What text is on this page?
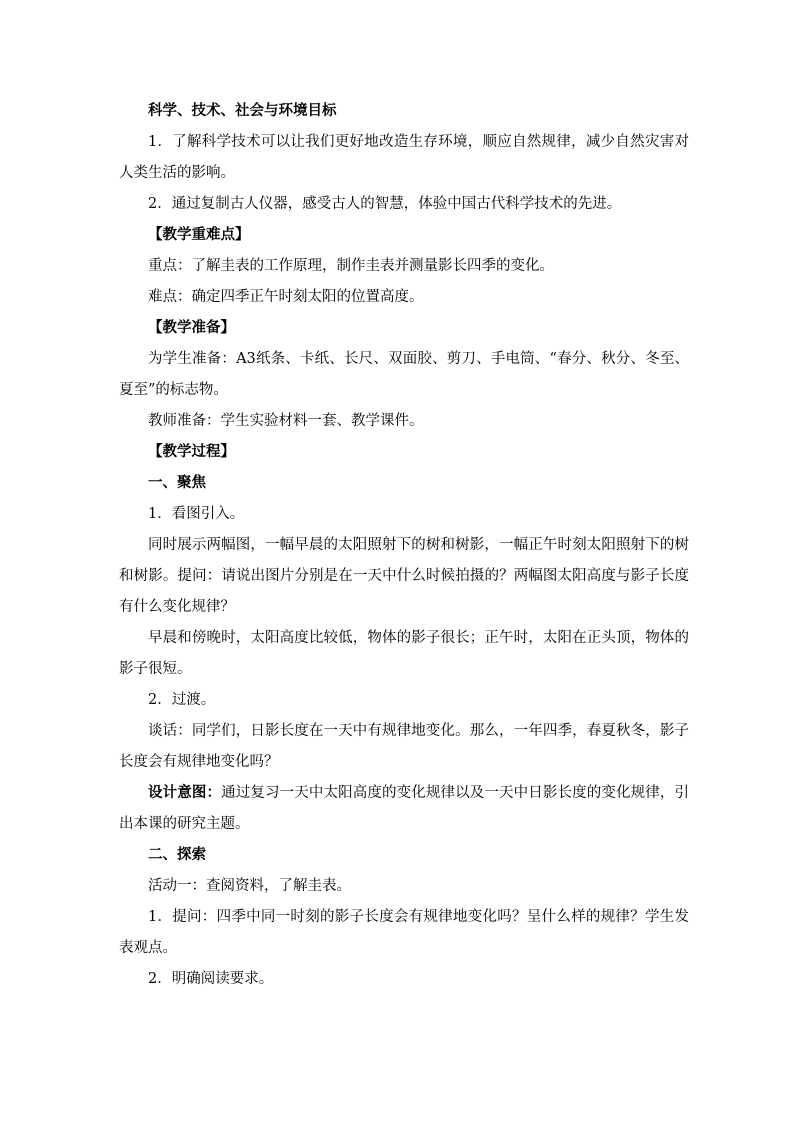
科学、技术、社会与环境目标

1．了解科学技术可以让我们更好地改造生存环境，顺应自然规律，减少自然灾害对人类生活的影响。

2．通过复制古人仪器，感受古人的智慧，体验中国古代科学技术的先进。

【教学重难点】

重点：了解圭表的工作原理，制作圭表并测量影长四季的变化。

难点：确定四季正午时刻太阳的位置高度。

【教学准备】

为学生准备：A3纸条、卡纸、长尺、双面胶、剪刀、手电筒、“春分、秋分、冬至、夏至”的标志物。

教师准备：学生实验材料一套、教学课件。

【教学过程】

一、聚焦

1．看图引入。

同时展示两幅图，一幅早晨的太阳照射下的树和树影，一幅正午时刻太阳照射下的树和树影。提问：请说出图片分别是在一天中什么时候拍摄的？两幅图太阳高度与影子长度有什么变化规律？

早晨和傍晚时，太阳高度比较低，物体的影子很长；正午时，太阳在正头顶，物体的影子很短。

2．过渡。

谈话：同学们，日影长度在一天中有规律地变化。那么，一年四季，春夏秋冬，影子长度会有规律地变化吗？

设计意图：通过复习一天中太阳高度的变化规律以及一天中日影长度的变化规律，引出本课的研究主题。

二、探索

活动一：查阅资料，了解圭表。

1．提问：四季中同一时刻的影子长度会有规律地变化吗？呈什么样的规律？学生发表观点。

2．明确阅读要求。
